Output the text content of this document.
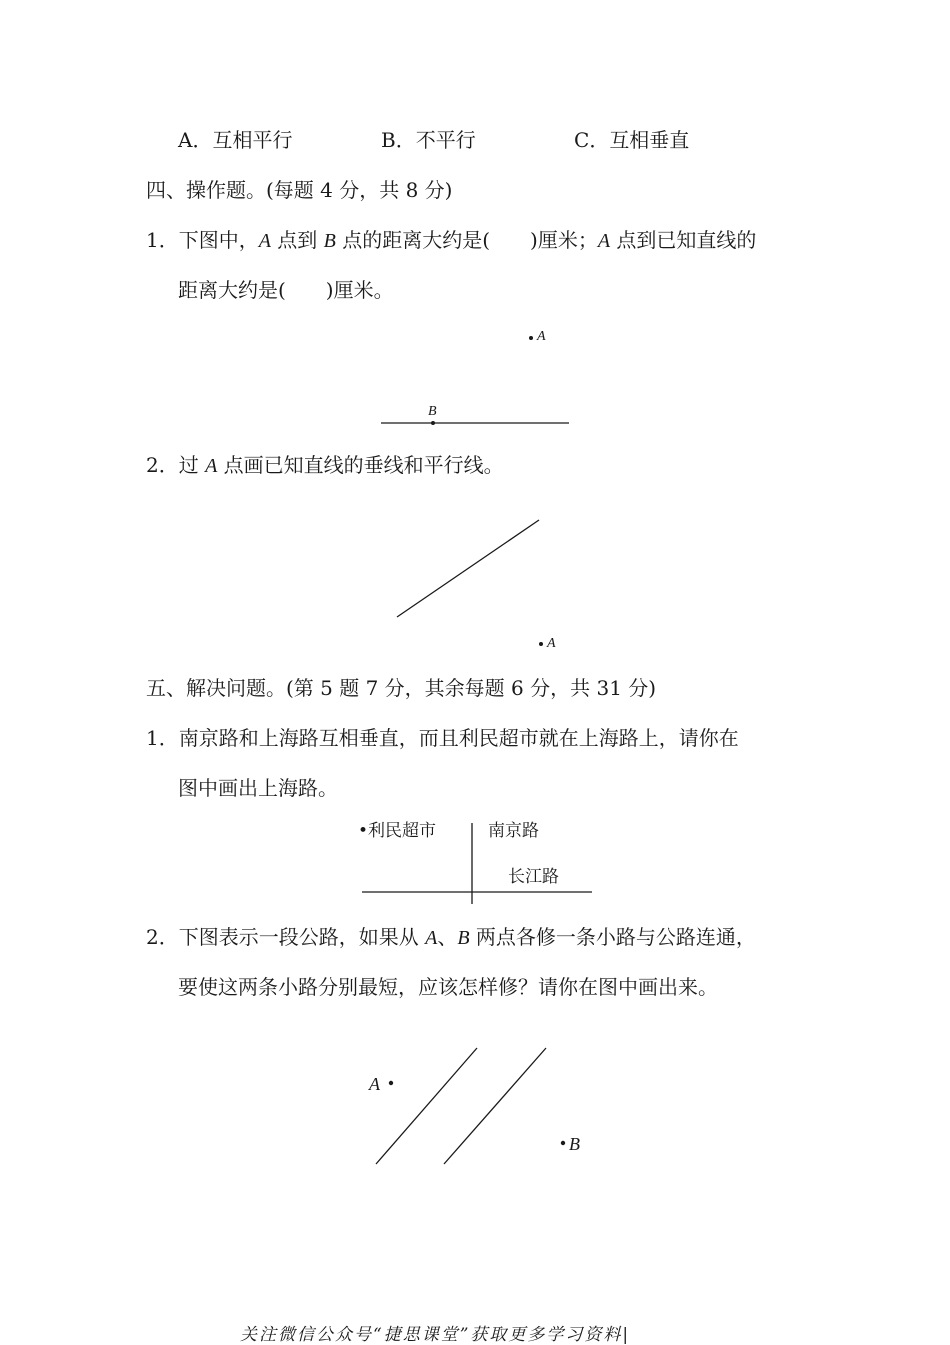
A．互相平行	B．不平行	C．互相垂直
四、操作题。(每题 4 分，共 8 分)
1．下图中，A 点到 B 点的距离大约是(　　)厘米；A 点到已知直线的
距离大约是(　　)厘米。
A
B
2．过 A 点画已知直线的垂线和平行线。
A
五、解决问题。(第 5 题 7 分，其余每题 6 分，共 31 分)
1．南京路和上海路互相垂直，而且利民超市就在上海路上，请你在
图中画出上海路。
•利民超市	南京路
长江路
2．下图表示一段公路，如果从 A、B 两点各修一条小路与公路连通，
要使这两条小路分别最短，应该怎样修？请你在图中画出来。
A
B
关注微信公众号“捷思课堂”获取更多学习资料|
